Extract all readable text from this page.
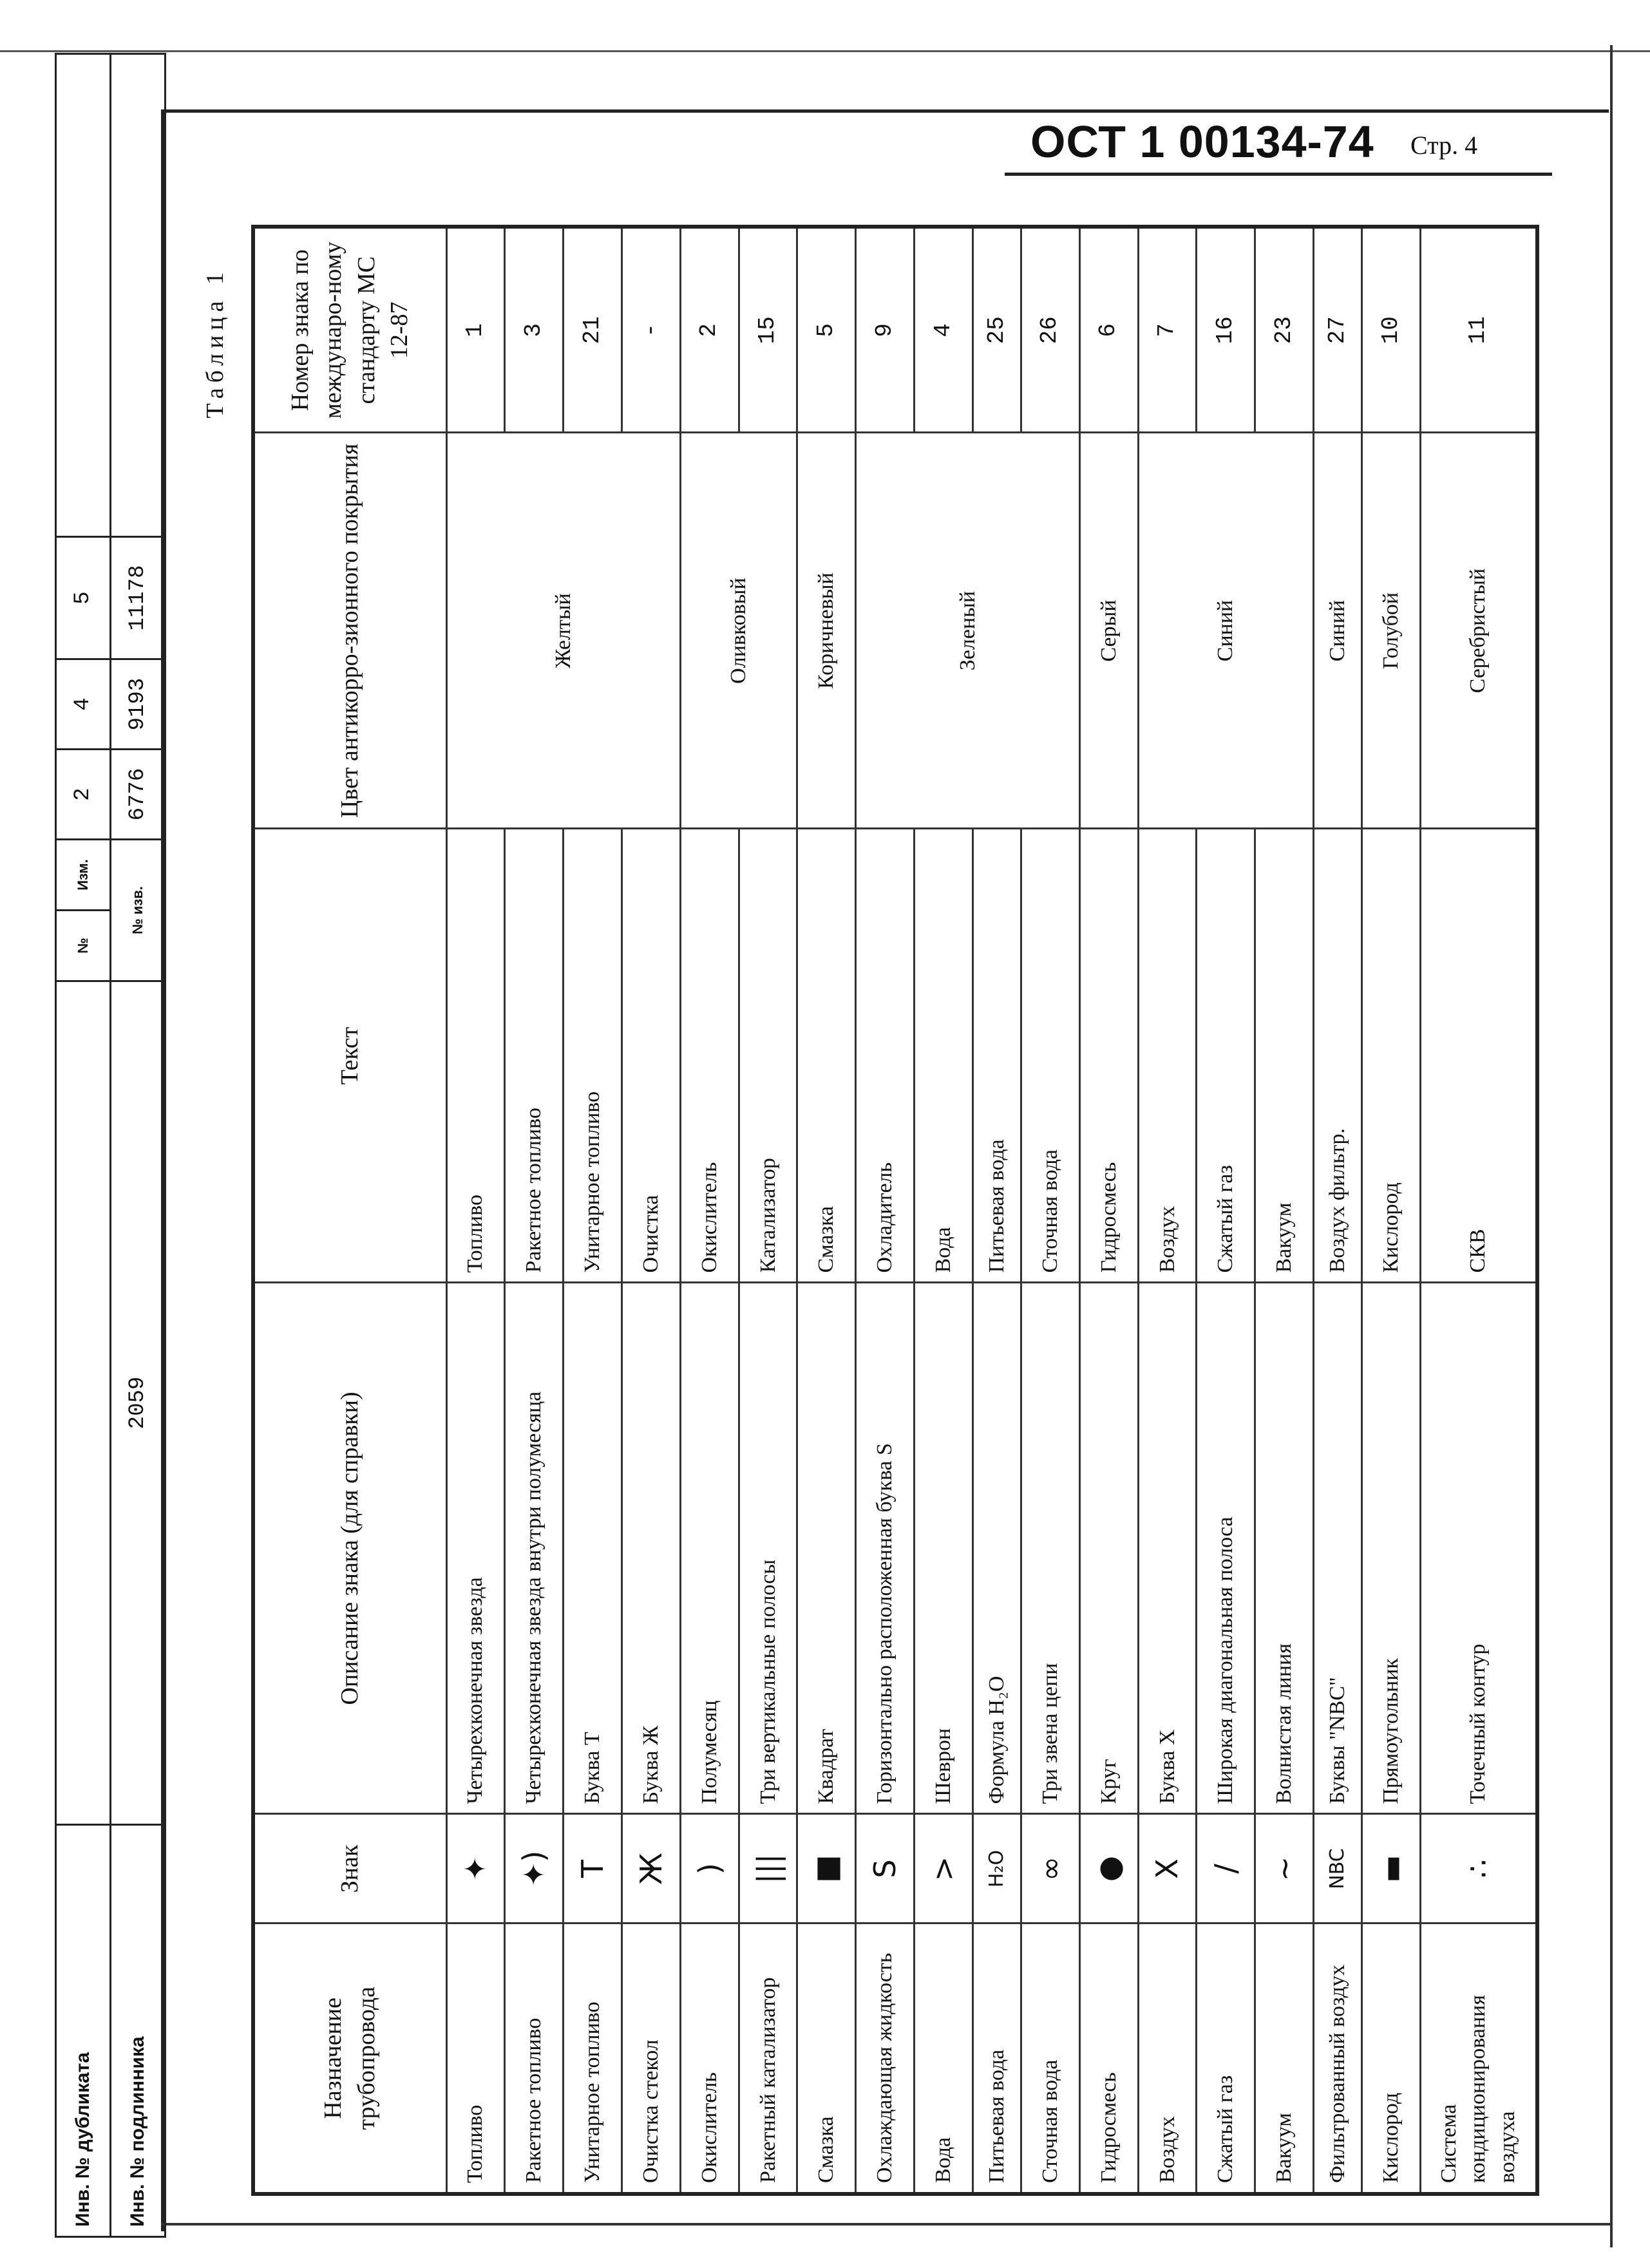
Инв. № дубликата		№	Изм.	2	4	5	
Инв. № подлинника	2059	№ изв.		6776	9193	11178	
ОСТ 1 00134-74 Стр. 4
Таблица 1
Назначение трубопровода	Знак	Описание знака (для справки)	Текст	Цвет антикорро-зионного покрытия	Номер знака по междунаро-ному стандарту МС 12-87
Топливо	✦	Четырехконечная звезда	Топливо	Желтый	1
Ракетное топливо	✦)	Четырехконечная звезда внутри полумесяца	Ракетное топливо		3
Унитарное топливо	Т	Буква Т	Унитарное топливо		21
Очистка стекол	Ж	Буква Ж	Очистка		-
Окислитель	)	Полумесяц	Окислитель	Оливковый	2
Ракетный катализатор	|||	Три вертикальные полосы	Катализатор		15
Смазка	■	Квадрат	Смазка	Коричневый	5
Охлаждающая жидкость	S	Горизонтально расположенная буква S	Охладитель	Зеленый	9
Вода	>	Шеврон	Вода		4
Питьевая вода	H₂O	Формула H₂O	Питьевая вода		25
Сточная вода	∞	Три звена цепи	Сточная вода		26
Гидросмесь	●	Круг	Гидросмесь	Серый	6
Воздух	X	Буква X	Воздух	Синий	7
Сжатый газ	/	Широкая диагональная полоса	Сжатый газ		16
Вакуум	~	Волнистая линия	Вакуум		23
Фильтрованный воздух	NBC	Буквы "NBC"	Воздух фильтр.	Синий	27
Кислород	▬	Прямоугольник	Кислород	Голубой	10
Система кондиционирования воздуха	∴	Точечный контур	СКВ	Серебристый	11
